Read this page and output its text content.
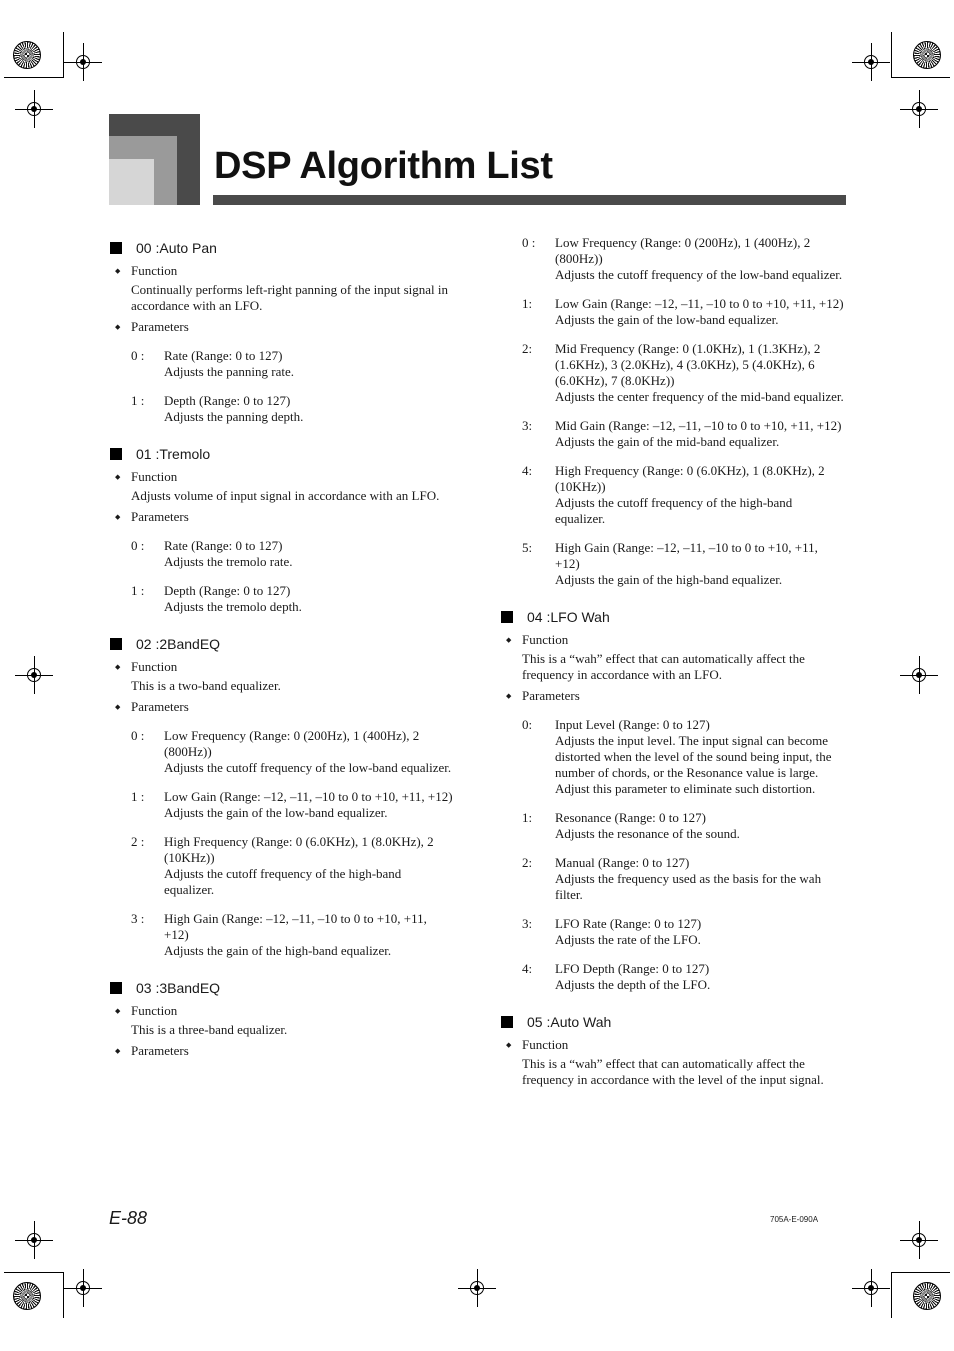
DSP Algorithm List
00 :Auto Pan
◆ Function
Continually performs left-right panning of the input signal in accordance with an LFO.
◆ Parameters
0 : Rate (Range: 0 to 127)
Adjusts the panning rate.
1 : Depth (Range: 0 to 127)
Adjusts the panning depth.
01 :Tremolo
◆ Function
Adjusts volume of input signal in accordance with an LFO.
◆ Parameters
0 : Rate (Range: 0 to 127)
Adjusts the tremolo rate.
1 : Depth (Range: 0 to 127)
Adjusts the tremolo depth.
02 :2BandEQ
◆ Function
This is a two-band equalizer.
◆ Parameters
0 : Low Frequency (Range: 0 (200Hz), 1 (400Hz), 2 (800Hz))
Adjusts the cutoff frequency of the low-band equalizer.
1 : Low Gain (Range: –12, –11, –10 to 0 to +10, +11, +12)
Adjusts the gain of the low-band equalizer.
2 : High Frequency (Range: 0 (6.0KHz), 1 (8.0KHz), 2 (10KHz))
Adjusts the cutoff frequency of the high-band equalizer.
3 : High Gain (Range: –12, –11, –10 to 0 to +10, +11, +12)
Adjusts the gain of the high-band equalizer.
03 :3BandEQ
◆ Function
This is a three-band equalizer.
◆ Parameters
0 : Low Frequency (Range: 0 (200Hz), 1 (400Hz), 2 (800Hz))
Adjusts the cutoff frequency of the low-band equalizer.
1: Low Gain (Range: –12, –11, –10 to 0 to +10, +11, +12)
Adjusts the gain of the low-band equalizer.
2: Mid Frequency (Range: 0 (1.0KHz), 1 (1.3KHz), 2 (1.6KHz), 3 (2.0KHz), 4 (3.0KHz), 5 (4.0KHz), 6 (6.0KHz), 7 (8.0KHz))
Adjusts the center frequency of the mid-band equalizer.
3: Mid Gain (Range: –12, –11, –10 to 0 to +10, +11, +12)
Adjusts the gain of the mid-band equalizer.
4: High Frequency (Range: 0 (6.0KHz), 1 (8.0KHz), 2 (10KHz))
Adjusts the cutoff frequency of the high-band equalizer.
5: High Gain (Range: –12, –11, –10 to 0 to +10, +11, +12)
Adjusts the gain of the high-band equalizer.
04 :LFO Wah
◆ Function
This is a “wah” effect that can automatically affect the frequency in accordance with an LFO.
◆ Parameters
0: Input Level (Range: 0 to 127)
Adjusts the input level. The input signal can become distorted when the level of the sound being input, the number of chords, or the Resonance value is large. Adjust this parameter to eliminate such distortion.
1: Resonance (Range: 0 to 127)
Adjusts the resonance of the sound.
2: Manual (Range: 0 to 127)
Adjusts the frequency used as the basis for the wah filter.
3: LFO Rate (Range: 0 to 127)
Adjusts the rate of the LFO.
4: LFO Depth (Range: 0 to 127)
Adjusts the depth of the LFO.
05 :Auto Wah
◆ Function
This is a “wah” effect that can automatically affect the frequency in accordance with the level of the input signal.
E-88	705A-E-090A
